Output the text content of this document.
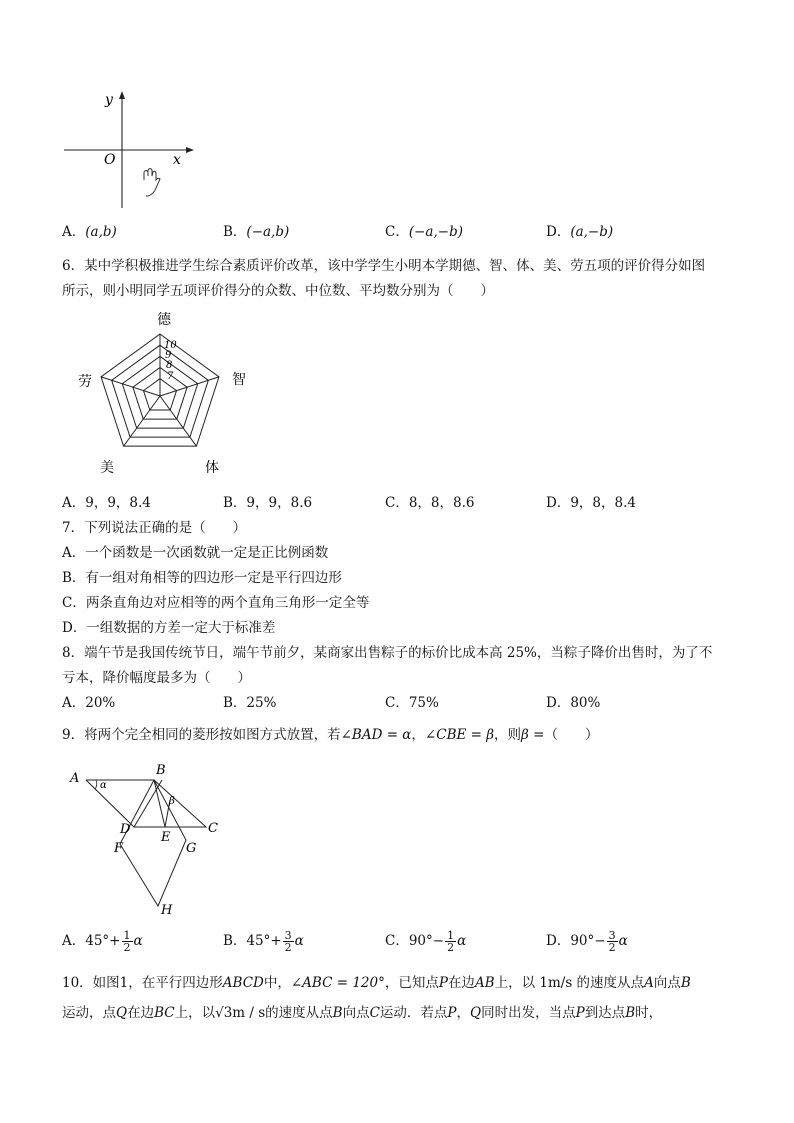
y
x
O
A．(a,b)	B．(−a,b)	C．(−a,−b)	D．(a,−b)
6．某中学积极推进学生综合素质评价改革，该中学学生小明本学期德、智、体、美、劳五项的评价得分如图
所示，则小明同学五项评价得分的众数、中位数、平均数分别为（　　）
德
智
体
美
劳
10
9
8
7
A．9，9，8.4	B．9，9，8.6	C．8，8，8.6	D．9，8，8.4
7．下列说法正确的是（　　）
A．一个函数是一次函数就一定是正比例函数
B．有一组对角相等的四边形一定是平行四边形
C．两条直角边对应相等的两个直角三角形一定全等
D．一组数据的方差一定大于标准差
8．端午节是我国传统节日，端午节前夕，某商家出售粽子的标价比成本高 25%，当粽子降价出售时，为了不
亏本，降价幅度最多为（　　）
A．20%	B．25%	C．75%	D．80%
9．将两个完全相同的菱形按如图方式放置，若∠BAD = α，∠CBE = β，则β =（　　）
A
B
C
D
E
F	G
H
α
β
A．$45^\circ+ \frac{1}{2}$ α	B．$45^\circ+ \frac{3}{2}$ α	C．$90^\circ- \frac{1}{2}$ α	D．$90^\circ- \frac{3}{2}$ α
10．如图1，在平行四边形ABCD中，∠ABC = 120°，已知点P在边AB上，以 1m/s 的速度从点A向点B
运动，点Q在边BC上，以√3m / s的速度从点B向点C运动．若点P，Q同时出发，当点P到达点B时，
